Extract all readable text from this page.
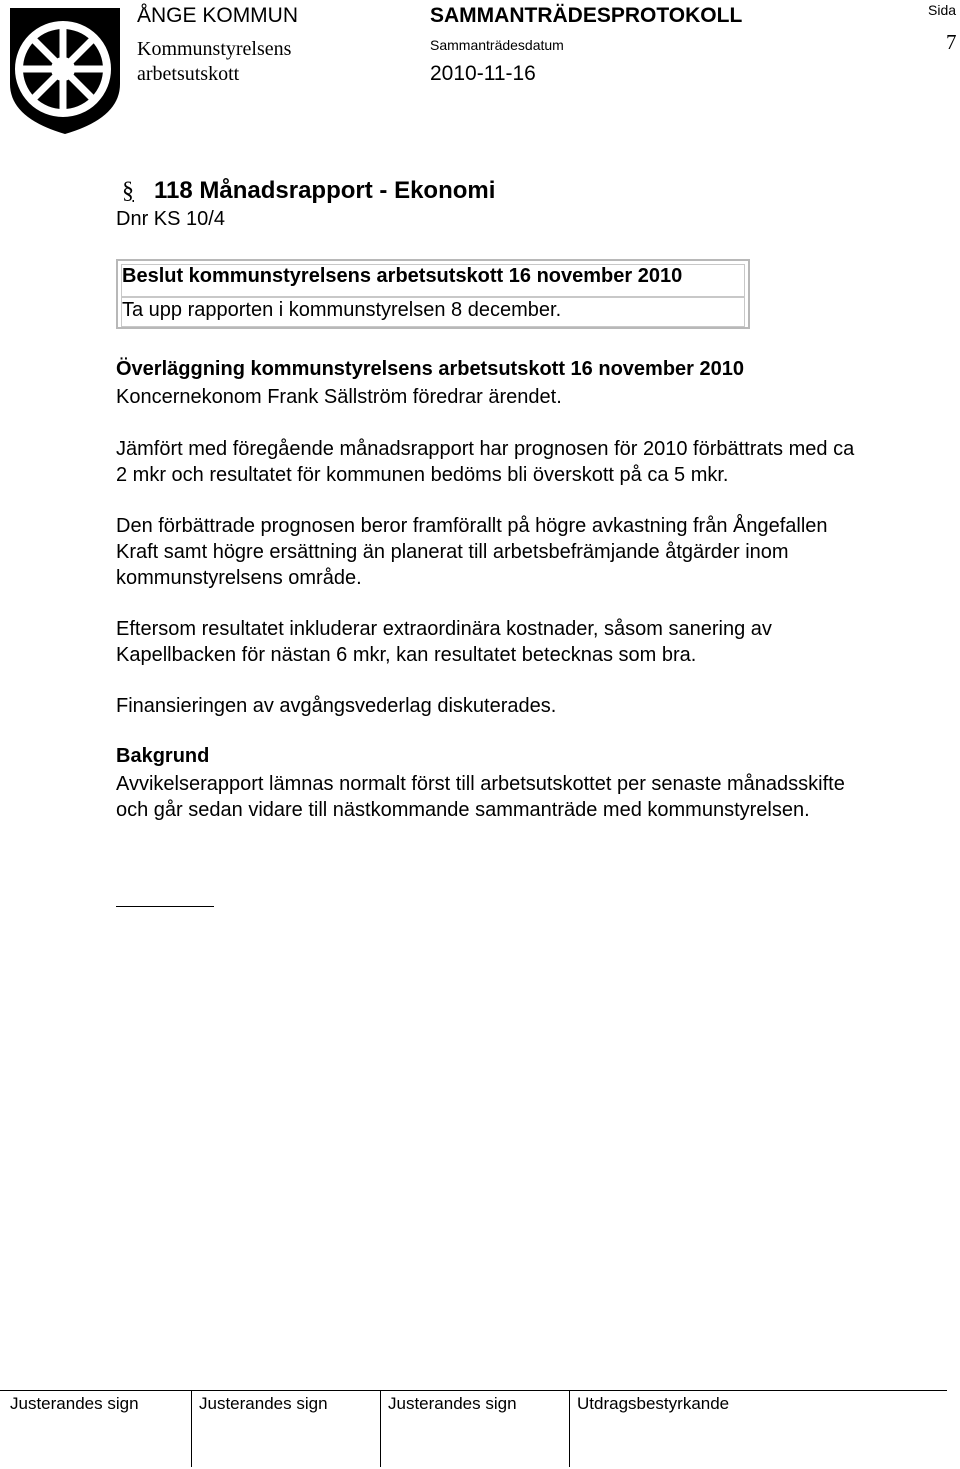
ÅNGE KOMMUN
Kommunstyrelsens
arbetsutskott
SAMMANTRÄDESPROTOKOLL
Sammanträdesdatum
2010-11-16
Sida
7
§ 118 Månadsrapport - Ekonomi
Dnr KS 10/4
Beslut kommunstyrelsens arbetsutskott 16 november 2010
Ta upp rapporten i kommunstyrelsen 8 december.
Överläggning kommunstyrelsens arbetsutskott 16 november 2010
Koncernekonom Frank Sällström föredrar ärendet.
Jämfört med föregående månadsrapport har prognosen för 2010 förbättrats med ca
2 mkr och resultatet för kommunen bedöms bli överskott på ca 5 mkr.
Den förbättrade prognosen beror framförallt på högre avkastning från Ångefallen
Kraft samt högre ersättning än planerat till arbetsbefrämjande åtgärder inom
kommunstyrelsens område.
Eftersom resultatet inkluderar extraordinära kostnader, såsom sanering av
Kapellbacken för nästan 6 mkr, kan resultatet betecknas som bra.
Finansieringen av avgångsvederlag diskuterades.
Bakgrund
Avvikelserapport lämnas normalt först till arbetsutskottet per senaste månadsskifte
och går sedan vidare till nästkommande sammanträde med kommunstyrelsen.
Justerandes sign	Justerandes sign	Justerandes sign	Utdragsbestyrkande
